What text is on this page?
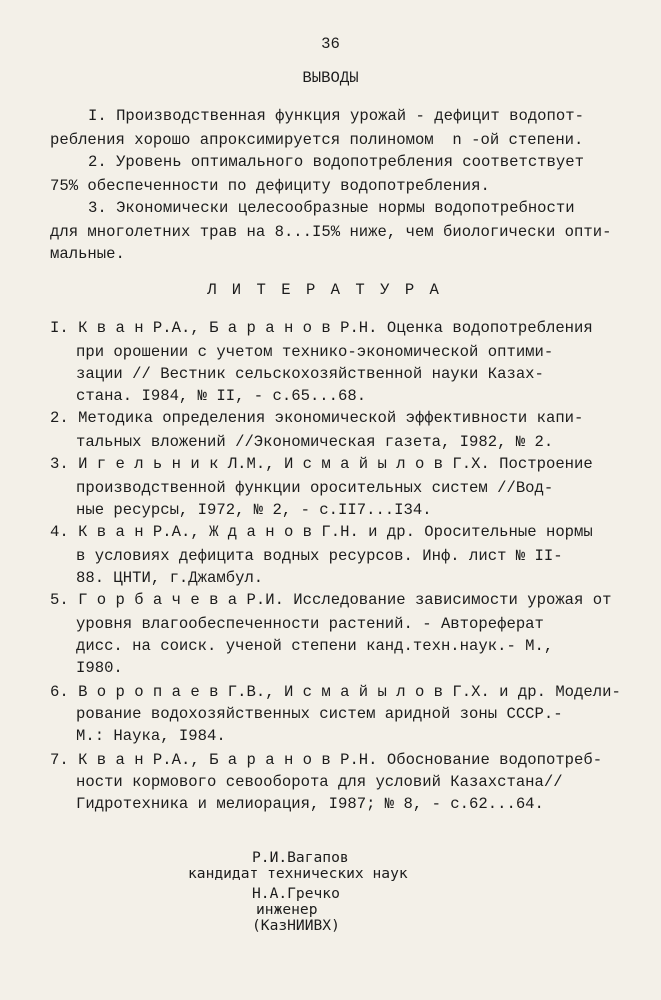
36
ВЫВОДЫ
I. Производственная функция урожай - дефицит водопот-
ребления хорошо апроксимируется полиномом  n -ой степени.
2. Уровень оптимального водопотребления соответствует
75% обеспеченности по дефициту водопотребления.
3. Экономически целесообразные нормы водопотребности
для многолетних трав на 8...I5% ниже, чем биологически опти-
мальные.
Л И Т Е Р А Т У Р А
I. К в а н Р.А., Б а р а н о в Р.Н. Оценка водопотребления
при орошении с учетом технико-экономической оптими-
зации // Вестник сельскохозяйственной науки Казах-
стана. I984, № II, - с.65...68.
2. Методика определения экономической эффективности капи-
тальных вложений //Экономическая газета, I982, № 2.
3. И г е л ь н и к Л.М., И с м а й ы л о в Г.Х. Построение
производственной функции оросительных систем //Вод-
ные ресурсы, I972, № 2, - с.II7...I34.
4. К в а н Р.А., Ж д а н о в Г.Н. и др. Оросительные нормы
в условиях дефицита водных ресурсов. Инф. лист № II-
88. ЦНТИ, г.Джамбул.
5. Г о р б а ч е в а Р.И. Исследование зависимости урожая от
уровня влагообеспеченности растений. - Автореферат
дисс. на соиск. ученой степени канд.техн.наук.- М.,
I980.
6. В о р о п а е в Г.В., И с м а й ы л о в Г.Х. и др. Модели-
рование водохозяйственных систем аридной зоны СССР.-
М.: Наука, I984.
7. К в а н Р.А., Б а р а н о в Р.Н. Обоснование водопотреб-
ности кормового севооборота для условий Казахстана//
Гидротехника и мелиорация, I987; № 8, - с.62...64.
Р.И.Вагапов
кандидат технических наук
Н.А.Гречко
инженер
(КазНИИВХ)
